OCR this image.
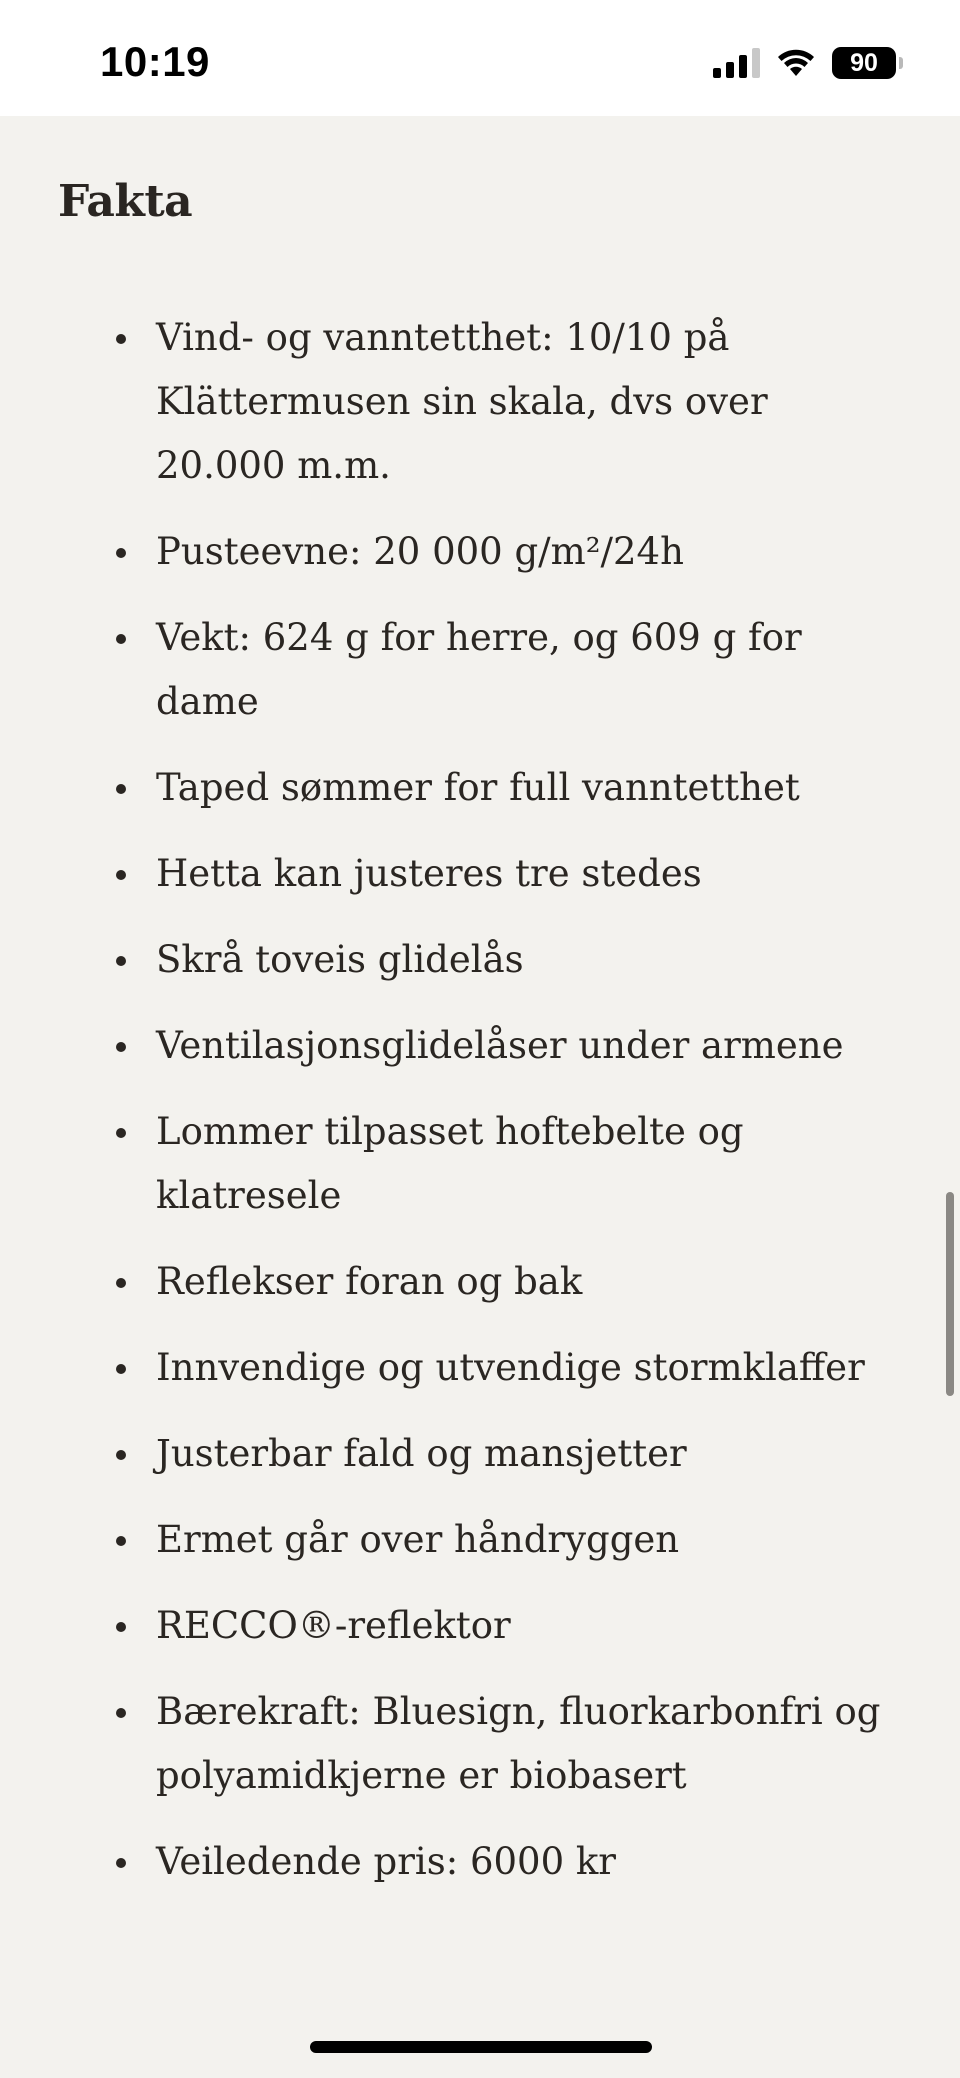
10:19	90
Fakta
Vind- og vanntetthet: 10/10 på Klättermusen sin skala, dvs over 20.000 m.m.
Pusteevne: 20 000 g/m²/24h
Vekt: 624 g for herre, og 609 g for dame
Taped sømmer for full vanntetthet
Hetta kan justeres tre stedes
Skrå toveis glidelås
Ventilasjonsglidelåser under armene
Lommer tilpasset hoftebelte og klatresele
Reflekser foran og bak
Innvendige og utvendige stormklaffer
Justerbar fald og mansjetter
Ermet går over håndryggen
RECCO®-reflektor
Bærekraft: Bluesign, fluorkarbonfri og polyamidkjerne er biobasert
Veiledende pris: 6000 kr
